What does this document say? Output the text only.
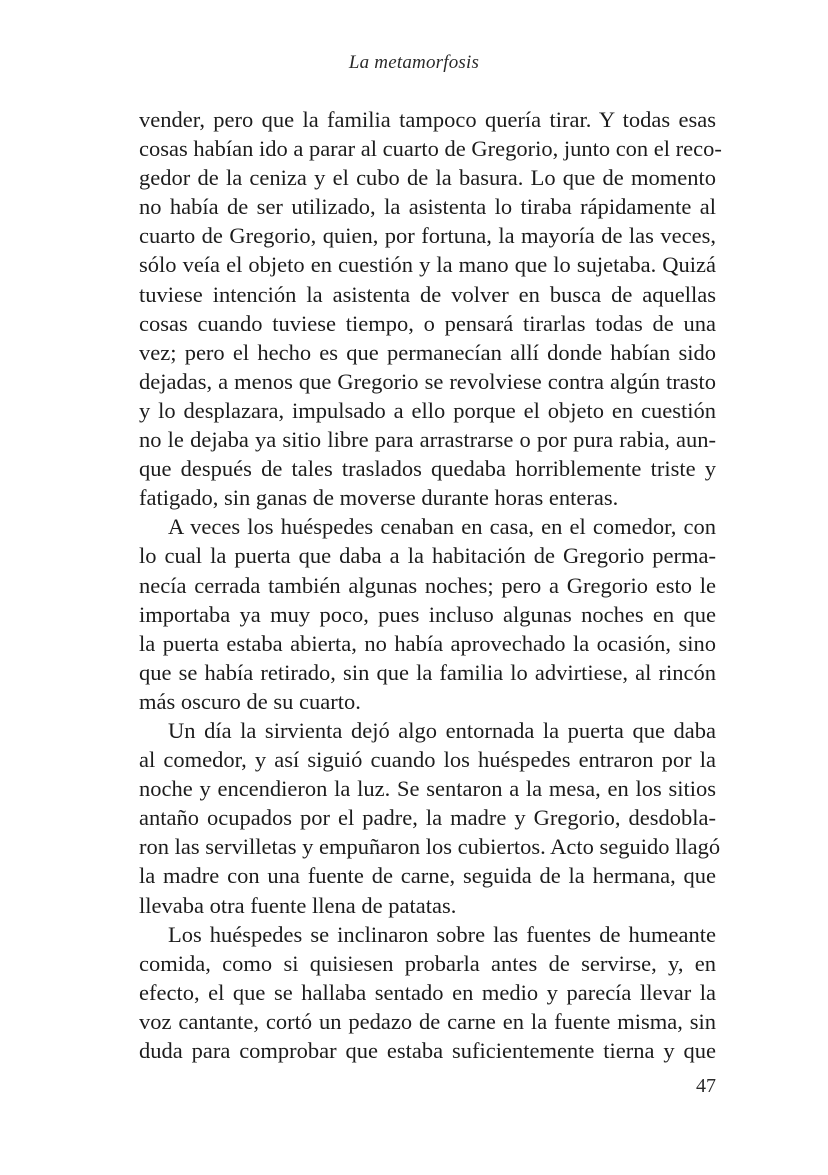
La metamorfosis
vender, pero que la familia tampoco quería tirar. Y todas esas
cosas habían ido a parar al cuarto de Gregorio, junto con el reco-
gedor de la ceniza y el cubo de la basura. Lo que de momento
no había de ser utilizado, la asistenta lo tiraba rápidamente al
cuarto de Gregorio, quien, por fortuna, la mayoría de las veces,
sólo veía el objeto en cuestión y la mano que lo sujetaba. Quizá
tuviese intención la asistenta de volver en busca de aquellas
cosas cuando tuviese tiempo, o pensará tirarlas todas de una
vez; pero el hecho es que permanecían allí donde habían sido
dejadas, a menos que Gregorio se revolviese contra algún trasto
y lo desplazara, impulsado a ello porque el objeto en cuestión
no le dejaba ya sitio libre para arrastrarse o por pura rabia, aun-
que después de tales traslados quedaba horriblemente triste y
fatigado, sin ganas de moverse durante horas enteras.
A veces los huéspedes cenaban en casa, en el comedor, con
lo cual la puerta que daba a la habitación de Gregorio perma-
necía cerrada también algunas noches; pero a Gregorio esto le
importaba ya muy poco, pues incluso algunas noches en que
la puerta estaba abierta, no había aprovechado la ocasión, sino
que se había retirado, sin que la familia lo advirtiese, al rincón
más oscuro de su cuarto.
Un día la sirvienta dejó algo entornada la puerta que daba
al comedor, y así siguió cuando los huéspedes entraron por la
noche y encendieron la luz. Se sentaron a la mesa, en los sitios
antaño ocupados por el padre, la madre y Gregorio, desdobla-
ron las servilletas y empuñaron los cubiertos. Acto seguido llagó
la madre con una fuente de carne, seguida de la hermana, que
llevaba otra fuente llena de patatas.
Los huéspedes se inclinaron sobre las fuentes de humeante
comida, como si quisiesen probarla antes de servirse, y, en
efecto, el que se hallaba sentado en medio y parecía llevar la
voz cantante, cortó un pedazo de carne en la fuente misma, sin
duda para comprobar que estaba suficientemente tierna y que
47
